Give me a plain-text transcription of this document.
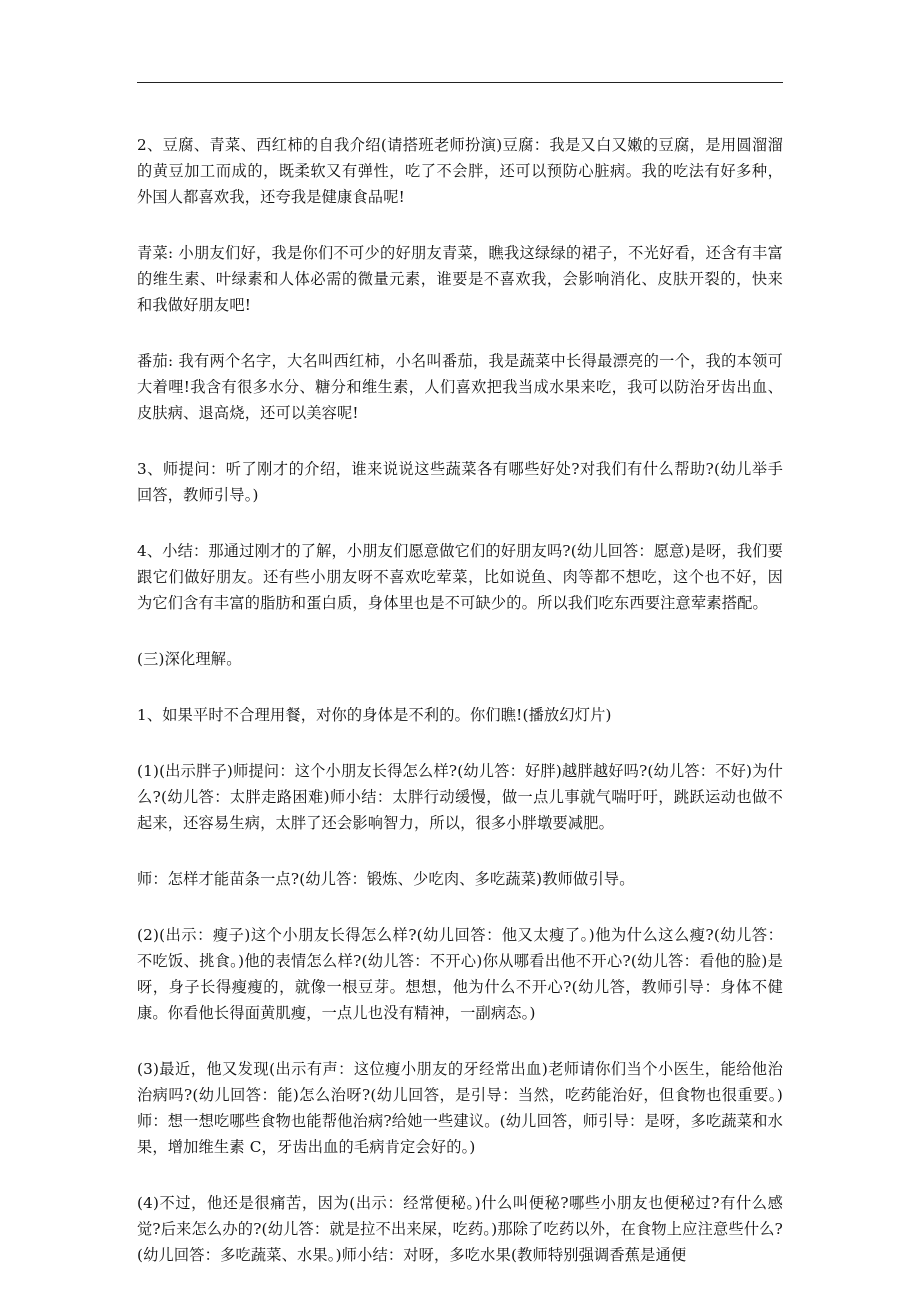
2、豆腐、青菜、西红柿的自我介绍(请搭班老师扮演)豆腐：我是又白又嫩的豆腐，是用圆溜溜的黄豆加工而成的，既柔软又有弹性，吃了不会胖，还可以预防心脏病。我的吃法有好多种，外国人都喜欢我，还夸我是健康食品呢!

青菜: 小朋友们好，我是你们不可少的好朋友青菜，瞧我这绿绿的裙子，不光好看，还含有丰富的维生素、叶绿素和人体必需的微量元素，谁要是不喜欢我，会影响消化、皮肤开裂的，快来和我做好朋友吧!

番茄: 我有两个名字，大名叫西红柿，小名叫番茄，我是蔬菜中长得最漂亮的一个，我的本领可大着哩!我含有很多水分、糖分和维生素，人们喜欢把我当成水果来吃，我可以防治牙齿出血、皮肤病、退高烧，还可以美容呢!

3、师提问：听了刚才的介绍，谁来说说这些蔬菜各有哪些好处?对我们有什么帮助?(幼儿举手回答，教师引导。)

4、小结：那通过刚才的了解，小朋友们愿意做它们的好朋友吗?(幼儿回答：愿意)是呀，我们要跟它们做好朋友。还有些小朋友呀不喜欢吃荤菜，比如说鱼、肉等都不想吃，这个也不好，因为它们含有丰富的脂肪和蛋白质，身体里也是不可缺少的。所以我们吃东西要注意荤素搭配。

(三)深化理解。

1、如果平时不合理用餐，对你的身体是不利的。你们瞧!(播放幻灯片)

(1)(出示胖子)师提问：这个小朋友长得怎么样?(幼儿答：好胖)越胖越好吗?(幼儿答：不好)为什么?(幼儿答：太胖走路困难)师小结：太胖行动缓慢，做一点儿事就气喘吁吁，跳跃运动也做不起来，还容易生病，太胖了还会影响智力，所以，很多小胖墩要减肥。

师：怎样才能苗条一点?(幼儿答：锻炼、少吃肉、多吃蔬菜)教师做引导。

(2)(出示：瘦子)这个小朋友长得怎么样?(幼儿回答：他又太瘦了。)他为什么这么瘦?(幼儿答：不吃饭、挑食。)他的表情怎么样?(幼儿答：不开心)你从哪看出他不开心?(幼儿答：看他的脸)是呀，身子长得瘦瘦的，就像一根豆芽。想想，他为什么不开心?(幼儿答，教师引导：身体不健康。你看他长得面黄肌瘦，一点儿也没有精神，一副病态。)

(3)最近，他又发现(出示有声：这位瘦小朋友的牙经常出血)老师请你们当个小医生，能给他治治病吗?(幼儿回答：能)怎么治呀?(幼儿回答，是引导：当然，吃药能治好，但食物也很重要。)师：想一想吃哪些食物也能帮他治病?给她一些建议。(幼儿回答，师引导：是呀，多吃蔬菜和水果，增加维生素 C，牙齿出血的毛病肯定会好的。)

(4)不过，他还是很痛苦，因为(出示：经常便秘。)什么叫便秘?哪些小朋友也便秘过?有什么感觉?后来怎么办的?(幼儿答：就是拉不出来屎，吃药。)那除了吃药以外，在食物上应注意些什么?(幼儿回答：多吃蔬菜、水果。)师小结：对呀，多吃水果(教师特别强调香蕉是通便
